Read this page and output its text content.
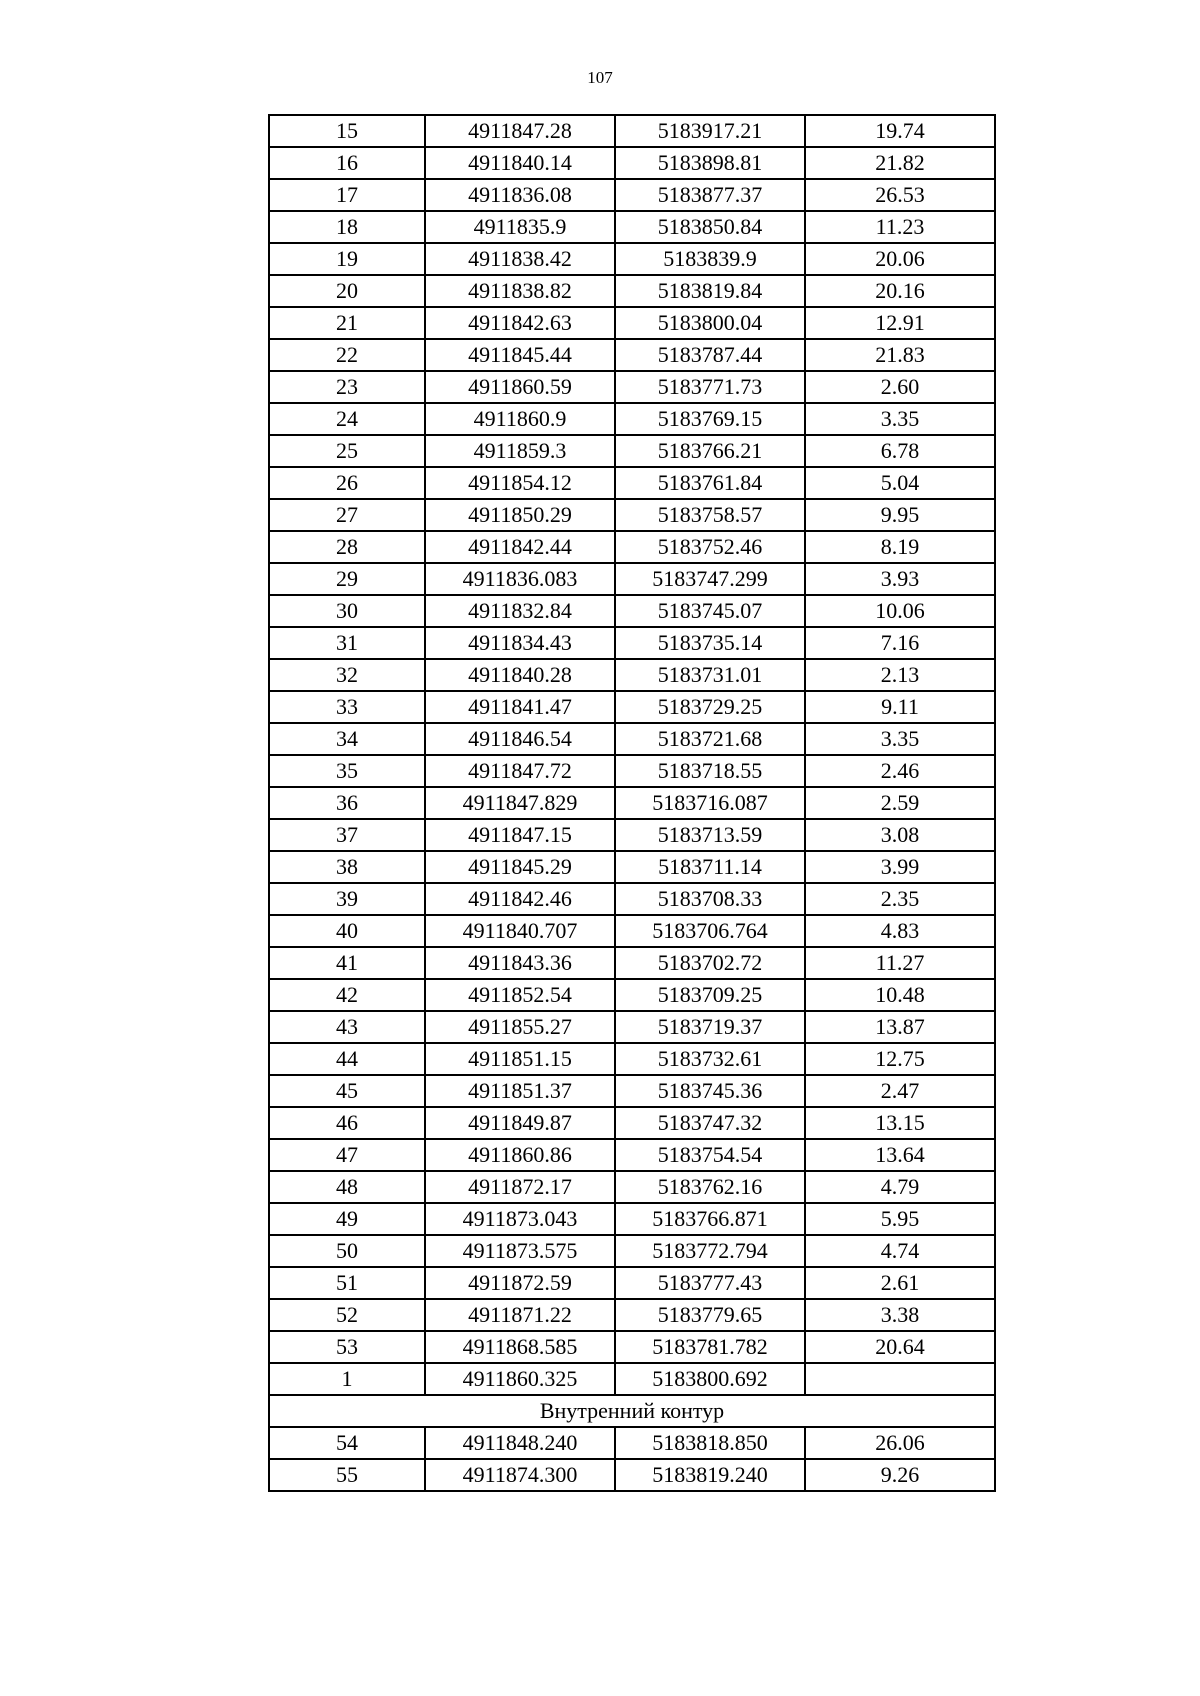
107
15	4911847.28	5183917.21	19.74
16	4911840.14	5183898.81	21.82
17	4911836.08	5183877.37	26.53
18	4911835.9	5183850.84	11.23
19	4911838.42	5183839.9	20.06
20	4911838.82	5183819.84	20.16
21	4911842.63	5183800.04	12.91
22	4911845.44	5183787.44	21.83
23	4911860.59	5183771.73	2.60
24	4911860.9	5183769.15	3.35
25	4911859.3	5183766.21	6.78
26	4911854.12	5183761.84	5.04
27	4911850.29	5183758.57	9.95
28	4911842.44	5183752.46	8.19
29	4911836.083	5183747.299	3.93
30	4911832.84	5183745.07	10.06
31	4911834.43	5183735.14	7.16
32	4911840.28	5183731.01	2.13
33	4911841.47	5183729.25	9.11
34	4911846.54	5183721.68	3.35
35	4911847.72	5183718.55	2.46
36	4911847.829	5183716.087	2.59
37	4911847.15	5183713.59	3.08
38	4911845.29	5183711.14	3.99
39	4911842.46	5183708.33	2.35
40	4911840.707	5183706.764	4.83
41	4911843.36	5183702.72	11.27
42	4911852.54	5183709.25	10.48
43	4911855.27	5183719.37	13.87
44	4911851.15	5183732.61	12.75
45	4911851.37	5183745.36	2.47
46	4911849.87	5183747.32	13.15
47	4911860.86	5183754.54	13.64
48	4911872.17	5183762.16	4.79
49	4911873.043	5183766.871	5.95
50	4911873.575	5183772.794	4.74
51	4911872.59	5183777.43	2.61
52	4911871.22	5183779.65	3.38
53	4911868.585	5183781.782	20.64
1	4911860.325	5183800.692	
Внутренний контур			
54	4911848.240	5183818.850	26.06
55	4911874.300	5183819.240	9.26
